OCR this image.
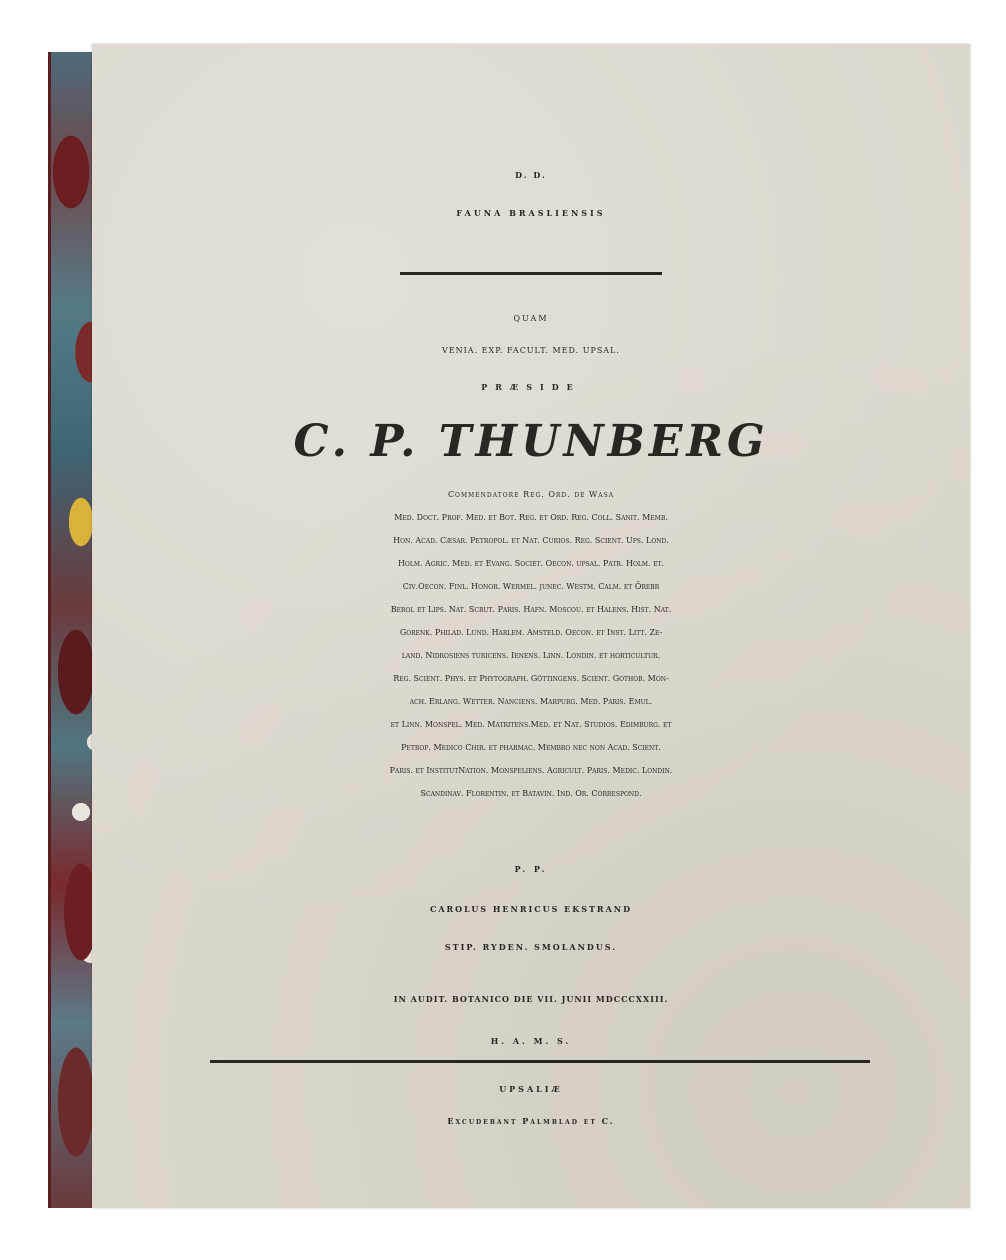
D. D.
FAUNA BRASLIENSIS
QUAM
VENIA. EXP. FACULT. MED. UPSAL.
PRÆSIDE
C. P. THUNBERG
Commendatore Reg. Ord. de Wasa
Med. Doct. Prof. Med. et Bot. Reg. et Ord. Reg. Coll. Sanit. Memb.
Hon. Acad. Cæsar. Petropol. et Nat. Curios. Reg. Scient. Ups. Lond.
Holm. Agric. Med. et Evang. Societ. Oecon. upsal. Patr. Holm. et.
Civ.Oecon. Finl. Honor. Wermel. junec. Westm. Calm. et Örebr
Berol et Lips. Nat. Scrut. Paris. Hafn. Moscou. et Halens. Hist. Nat.
Gorenk. Philad. Lund. Harlem. Amsteld. Oecon. et Inst. Litt. Ze-
land. Nidrosiens turicens. Ienens. Linn. Londin. et horticultur.
Reg. Scient. Phys. et Phytograph. Göttingens. Scient. Gothob. Mon-
ach. Erlang. Wetter. Nanciens. Marpurg. Med. Paris. Emul.
et Linn. Monspel. Med. Matritens.Med. et Nat. Studios. Edimburg. et
Petrop. Medico Chir. et pharmac. Membro nec non Acad. Scient.
Paris. et InstitutNation. Monspeliens. Agricult. Paris. Medic. Londin.
Scandinav. Florentin. et Batavin. Ind. Or. Correspond.
P. P.
CAROLUS HENRICUS EKSTRAND
STIP. RYDEN. SMOLANDUS.
IN AUDIT. BOTANICO DIE VII. JUNII MDCCCXXIII.
H. A. M. S.
UPSALIÆ
Excudebant Palmblad et C.
